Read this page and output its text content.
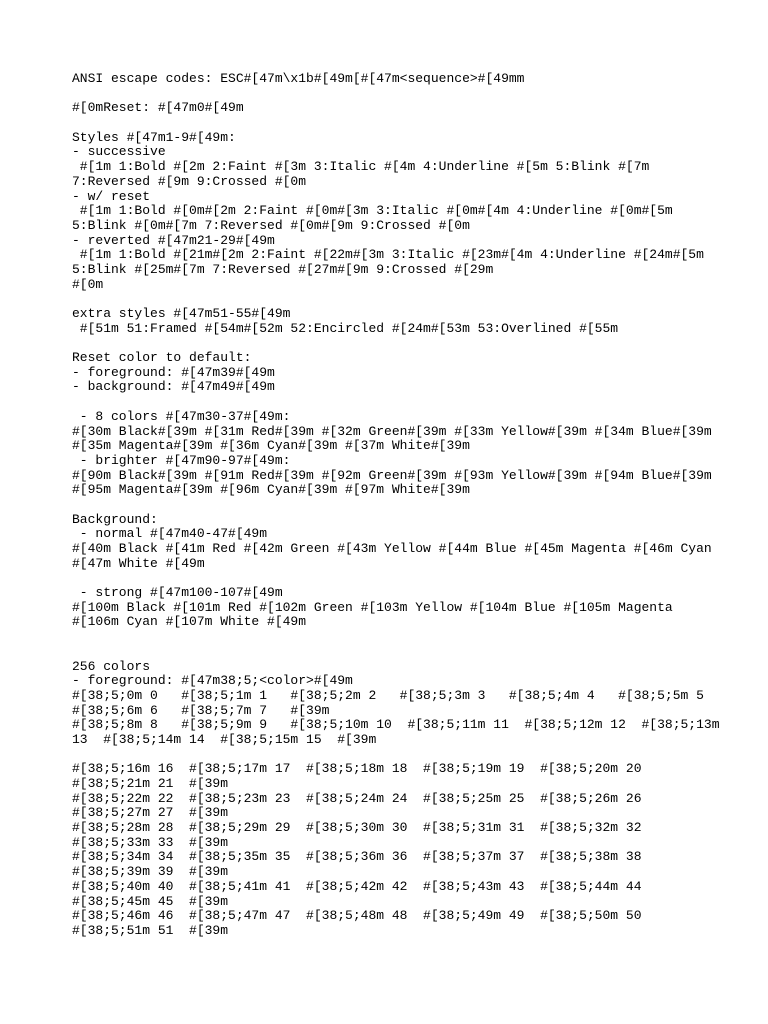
ANSI escape codes: ESC#[47m\x1b#[49m[#[47m<sequence>#[49mm
#[0mReset: #[47m0#[49m
Styles #[47m1-9#[49m:
- successive
#[1m 1:Bold #[2m 2:Faint #[3m 3:Italic #[4m 4:Underline #[5m 5:Blink #[7m
7:Reversed #[9m 9:Crossed #[0m
- w/ reset
#[1m 1:Bold #[0m#[2m 2:Faint #[0m#[3m 3:Italic #[0m#[4m 4:Underline #[0m#[5m
5:Blink #[0m#[7m 7:Reversed #[0m#[9m 9:Crossed #[0m
- reverted #[47m21-29#[49m
#[1m 1:Bold #[21m#[2m 2:Faint #[22m#[3m 3:Italic #[23m#[4m 4:Underline #[24m#[5m
5:Blink #[25m#[7m 7:Reversed #[27m#[9m 9:Crossed #[29m
#[0m
extra styles #[47m51-55#[49m
#[51m 51:Framed #[54m#[52m 52:Encircled #[24m#[53m 53:Overlined #[55m
Reset color to default:
- foreground: #[47m39#[49m
- background: #[47m49#[49m
- 8 colors #[47m30-37#[49m:
#[30m Black#[39m #[31m Red#[39m #[32m Green#[39m #[33m Yellow#[39m #[34m Blue#[39m
#[35m Magenta#[39m #[36m Cyan#[39m #[37m White#[39m
- brighter #[47m90-97#[49m:
#[90m Black#[39m #[91m Red#[39m #[92m Green#[39m #[93m Yellow#[39m #[94m Blue#[39m
#[95m Magenta#[39m #[96m Cyan#[39m #[97m White#[39m
Background:
- normal #[47m40-47#[49m
#[40m Black #[41m Red #[42m Green #[43m Yellow #[44m Blue #[45m Magenta #[46m Cyan
#[47m White #[49m
- strong #[47m100-107#[49m
#[100m Black #[101m Red #[102m Green #[103m Yellow #[104m Blue #[105m Magenta
#[106m Cyan #[107m White #[49m
256 colors
- foreground: #[47m38;5;<color>#[49m
#[38;5;0m 0   #[38;5;1m 1   #[38;5;2m 2   #[38;5;3m 3   #[38;5;4m 4   #[38;5;5m 5
#[38;5;6m 6   #[38;5;7m 7   #[39m
#[38;5;8m 8   #[38;5;9m 9   #[38;5;10m 10  #[38;5;11m 11  #[38;5;12m 12  #[38;5;13m
13  #[38;5;14m 14  #[38;5;15m 15  #[39m
#[38;5;16m 16  #[38;5;17m 17  #[38;5;18m 18  #[38;5;19m 19  #[38;5;20m 20
#[38;5;21m 21  #[39m
#[38;5;22m 22  #[38;5;23m 23  #[38;5;24m 24  #[38;5;25m 25  #[38;5;26m 26
#[38;5;27m 27  #[39m
#[38;5;28m 28  #[38;5;29m 29  #[38;5;30m 30  #[38;5;31m 31  #[38;5;32m 32
#[38;5;33m 33  #[39m
#[38;5;34m 34  #[38;5;35m 35  #[38;5;36m 36  #[38;5;37m 37  #[38;5;38m 38
#[38;5;39m 39  #[39m
#[38;5;40m 40  #[38;5;41m 41  #[38;5;42m 42  #[38;5;43m 43  #[38;5;44m 44
#[38;5;45m 45  #[39m
#[38;5;46m 46  #[38;5;47m 47  #[38;5;48m 48  #[38;5;49m 49  #[38;5;50m 50
#[38;5;51m 51  #[39m
